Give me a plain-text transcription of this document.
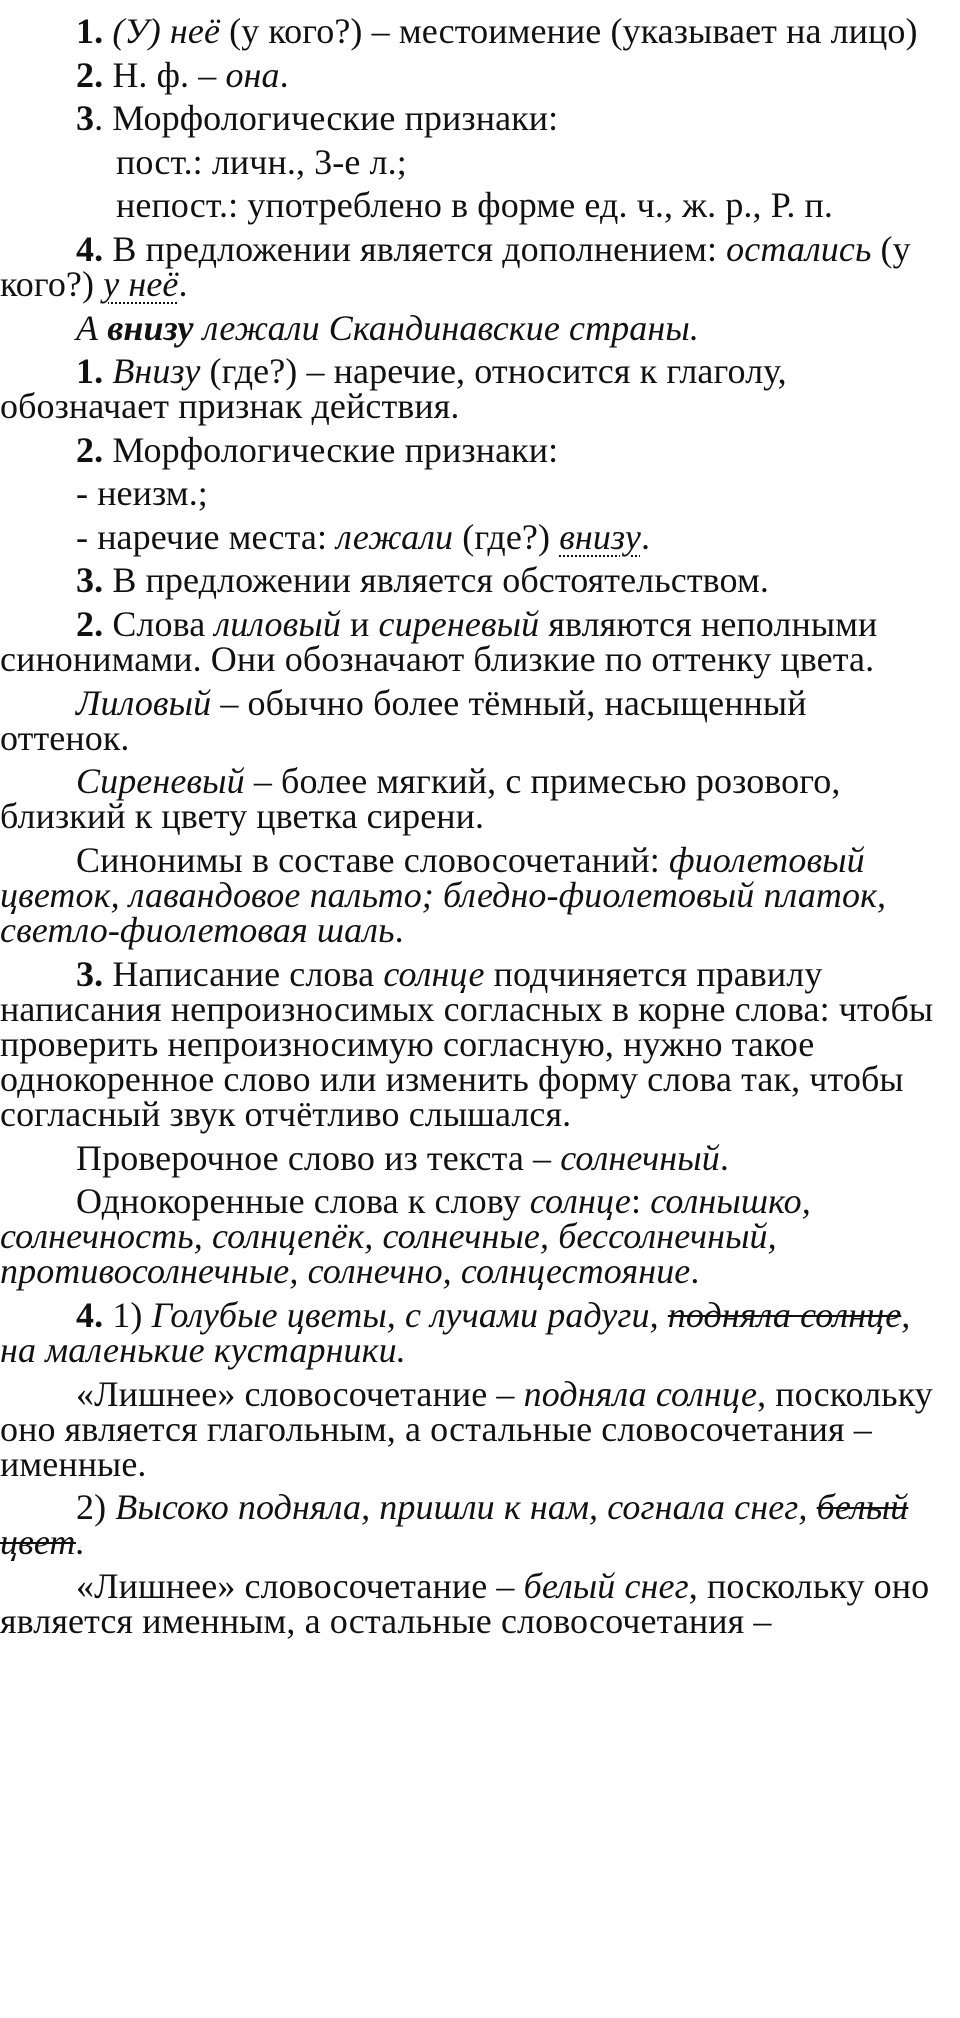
1. (У) неё (у кого?) – местоимение (указывает на лицо)
2. Н. ф. – она.
3. Морфологические признаки:
пост.: личн., 3-е л.;
непост.: употреблено в форме ед. ч., ж. р., Р. п.
4. В предложении является дополнением: остались (у
кого?) у неё.
А внизу лежали Скандинавские страны.
1. Внизу (где?) – наречие, относится к глаголу,
обозначает признак действия.
2. Морфологические признаки:
- неизм.;
- наречие места: лежали (где?) внизу.
3. В предложении является обстоятельством.
2. Слова лиловый и сиреневый являются неполными
синонимами. Они обозначают близкие по оттенку цвета.
Лиловый – обычно более тёмный, насыщенный
оттенок.
Сиреневый – более мягкий, с примесью розового,
близкий к цвету цветка сирени.
Синонимы в составе словосочетаний: фиолетовый
цветок, лавандовое пальто; бледно-фиолетовый платок,
светло-фиолетовая шаль.
3. Написание слова солнце подчиняется правилу
написания непроизносимых согласных в корне слова: чтобы
проверить непроизносимую согласную, нужно такое
однокоренное слово или изменить форму слова так, чтобы
согласный звук отчётливо слышался.
Проверочное слово из текста – солнечный.
Однокоренные слова к слову солнце: солнышко,
солнечность, солнцепёк, солнечные, бессолнечный,
противосолнечные, солнечно, солнцестояние.
4. 1) Голубые цветы, с лучами радуги, подняла солнце,
на маленькие кустарники.
«Лишнее» словосочетание – подняла солнце, поскольку
оно является глагольным, а остальные словосочетания –
именные.
2) Высоко подняла, пришли к нам, согнала снег, белый
цвет.
«Лишнее» словосочетание – белый снег, поскольку оно
является именным, а остальные словосочетания –
